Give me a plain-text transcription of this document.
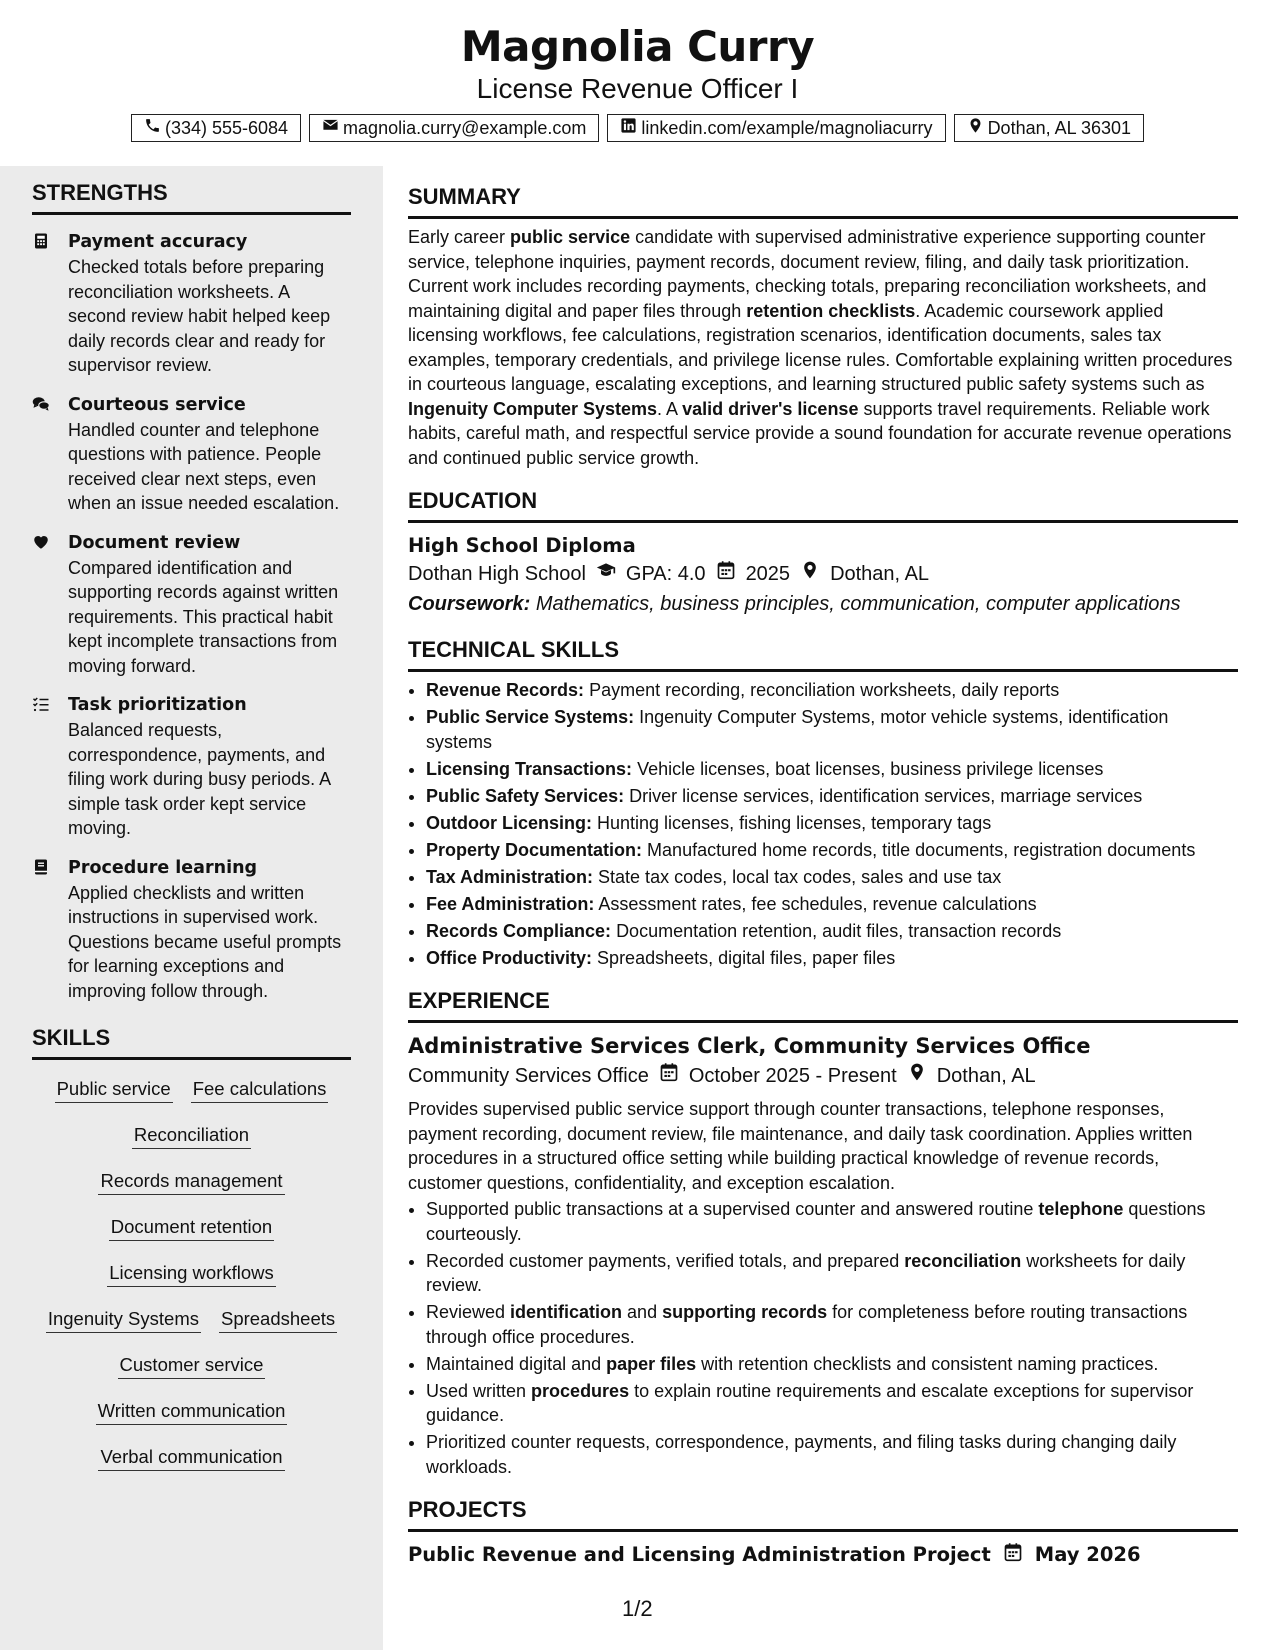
Magnolia Curry
License Revenue Officer I
(334) 555-6084	magnolia.curry@example.com	linkedin.com/example/magnoliacurry	Dothan, AL 36301
STRENGTHS
Payment accuracy
Checked totals before preparing reconciliation worksheets. A second review habit helped keep daily records clear and ready for supervisor review.
Courteous service
Handled counter and telephone questions with patience. People received clear next steps, even when an issue needed escalation.
Document review
Compared identification and supporting records against written requirements. This practical habit kept incomplete transactions from moving forward.
Task prioritization
Balanced requests, correspondence, payments, and filing work during busy periods. A simple task order kept service moving.
Procedure learning
Applied checklists and written instructions in supervised work. Questions became useful prompts for learning exceptions and improving follow through.
SKILLS
Public service Fee calculations
Reconciliation
Records management
Document retention
Licensing workflows
Ingenuity Systems Spreadsheets
Customer service
Written communication
Verbal communication
SUMMARY
Early career public service candidate with supervised administrative experience supporting counter service, telephone inquiries, payment records, document review, filing, and daily task prioritization. Current work includes recording payments, checking totals, preparing reconciliation worksheets, and maintaining digital and paper files through retention checklists. Academic coursework applied licensing workflows, fee calculations, registration scenarios, identification documents, sales tax examples, temporary credentials, and privilege license rules. Comfortable explaining written procedures in courteous language, escalating exceptions, and learning structured public safety systems such as Ingenuity Computer Systems. A valid driver's license supports travel requirements. Reliable work habits, careful math, and respectful service provide a sound foundation for accurate revenue operations and continued public service growth.
EDUCATION
High School Diploma
Dothan High School GPA: 4.0 2025 Dothan, AL
Coursework: Mathematics, business principles, communication, computer applications
TECHNICAL SKILLS
• Revenue Records: Payment recording, reconciliation worksheets, daily reports
• Public Service Systems: Ingenuity Computer Systems, motor vehicle systems, identification systems
• Licensing Transactions: Vehicle licenses, boat licenses, business privilege licenses
• Public Safety Services: Driver license services, identification services, marriage services
• Outdoor Licensing: Hunting licenses, fishing licenses, temporary tags
• Property Documentation: Manufactured home records, title documents, registration documents
• Tax Administration: State tax codes, local tax codes, sales and use tax
• Fee Administration: Assessment rates, fee schedules, revenue calculations
• Records Compliance: Documentation retention, audit files, transaction records
• Office Productivity: Spreadsheets, digital files, paper files
EXPERIENCE
Administrative Services Clerk, Community Services Office
Community Services Office October 2025 - Present Dothan, AL
Provides supervised public service support through counter transactions, telephone responses, payment recording, document review, file maintenance, and daily task coordination. Applies written procedures in a structured office setting while building practical knowledge of revenue records, customer questions, confidentiality, and exception escalation.
• Supported public transactions at a supervised counter and answered routine telephone questions courteously.
• Recorded customer payments, verified totals, and prepared reconciliation worksheets for daily review.
• Reviewed identification and supporting records for completeness before routing transactions through office procedures.
• Maintained digital and paper files with retention checklists and consistent naming practices.
• Used written procedures to explain routine requirements and escalate exceptions for supervisor guidance.
• Prioritized counter requests, correspondence, payments, and filing tasks during changing daily workloads.
PROJECTS
Public Revenue and Licensing Administration Project May 2026
1/2
